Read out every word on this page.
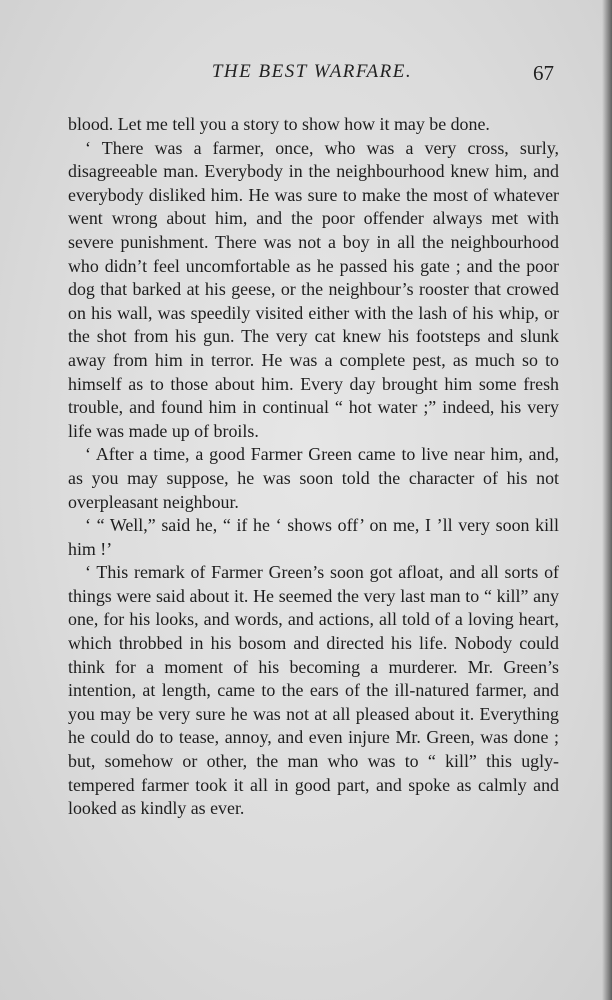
THE BEST WARFARE.	67

blood. Let me tell you a story to show how it may be done.

‘ There was a farmer, once, who was a very cross, surly, disagreeable man. Everybody in the neighbourhood knew him, and everybody disliked him. He was sure to make the most of whatever went wrong about him, and the poor offender always met with severe punishment. There was not a boy in all the neighbourhood who didn’t feel uncomfortable as he passed his gate ; and the poor dog that barked at his geese, or the neighbour’s rooster that crowed on his wall, was speedily visited either with the lash of his whip, or the shot from his gun. The very cat knew his footsteps and slunk away from him in terror. He was a complete pest, as much so to himself as to those about him. Every day brought him some fresh trouble, and found him in continual “ hot water ;” indeed, his very life was made up of broils.

‘ After a time, a good Farmer Green came to live near him, and, as you may suppose, he was soon told the character of his not overpleasant neighbour.

‘ “ Well,” said he, “ if he ‘ shows off’ on me, I ’ll very soon kill him !’

‘ This remark of Farmer Green’s soon got afloat, and all sorts of things were said about it. He seemed the very last man to “ kill” any one, for his looks, and words, and actions, all told of a loving heart, which throbbed in his bosom and directed his life. Nobody could think for a moment of his becoming a murderer. Mr. Green’s intention, at length, came to the ears of the ill-natured farmer, and you may be very sure he was not at all pleased about it. Everything he could do to tease, annoy, and even injure Mr. Green, was done ; but, somehow or other, the man who was to “ kill” this ugly-tempered farmer took it all in good part, and spoke as calmly and looked as kindly as ever.
